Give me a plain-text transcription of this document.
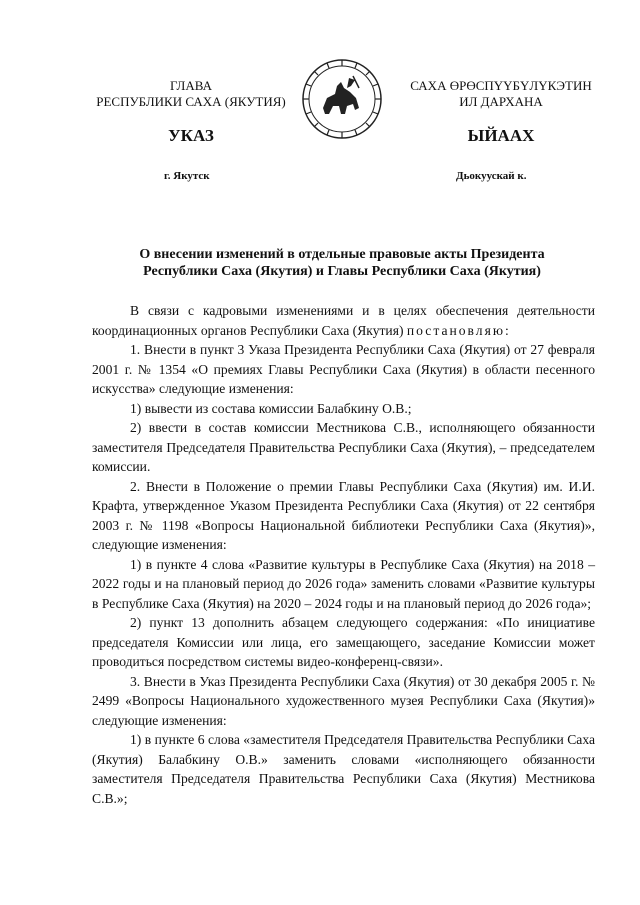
ГЛАВА
РЕСПУБЛИКИ САХА (ЯКУТИЯ)
САХА ӨРӨСПҮҮБҮЛҮКЭТИН
ИЛ ДАРХАНА
УКАЗ	ЫЙААХ
г. Якутск	Дьокуускай к.
О внесении изменений в отдельные правовые акты Президента
Республики Саха (Якутия) и Главы Республики Саха (Якутия)

В связи с кадровыми изменениями и в целях обеспечения деятельности координационных органов Республики Саха (Якутия) постановляю:

1. Внести в пункт 3 Указа Президента Республики Саха (Якутия) от 27 февраля 2001 г. № 1354 «О премиях Главы Республики Саха (Якутия) в области песенного искусства» следующие изменения:

1) вывести из состава комиссии Балабкину О.В.;

2) ввести в состав комиссии Местникова С.В., исполняющего обязанности заместителя Председателя Правительства Республики Саха (Якутия), – председателем комиссии.

2. Внести в Положение о премии Главы Республики Саха (Якутия) им. И.И. Крафта, утвержденное Указом Президента Республики Саха (Якутия) от 22 сентября 2003 г. № 1198 «Вопросы Национальной библиотеки Республики Саха (Якутия)», следующие изменения:

1) в пункте 4 слова «Развитие культуры в Республике Саха (Якутия) на 2018 – 2022 годы и на плановый период до 2026 года» заменить словами «Развитие культуры в Республике Саха (Якутия) на 2020 – 2024 годы и на плановый период до 2026 года»;

2) пункт 13 дополнить абзацем следующего содержания: «По инициативе председателя Комиссии или лица, его замещающего, заседание Комиссии может проводиться посредством системы видео-конференц-связи».

3. Внести в Указ Президента Республики Саха (Якутия) от 30 декабря 2005 г. № 2499 «Вопросы Национального художественного музея Республики Саха (Якутия)» следующие изменения:

1) в пункте 6 слова «заместителя Председателя Правительства Республики Саха (Якутия) Балабкину О.В.» заменить словами «исполняющего обязанности заместителя Председателя Правительства Республики Саха (Якутия) Местникова С.В.»;
